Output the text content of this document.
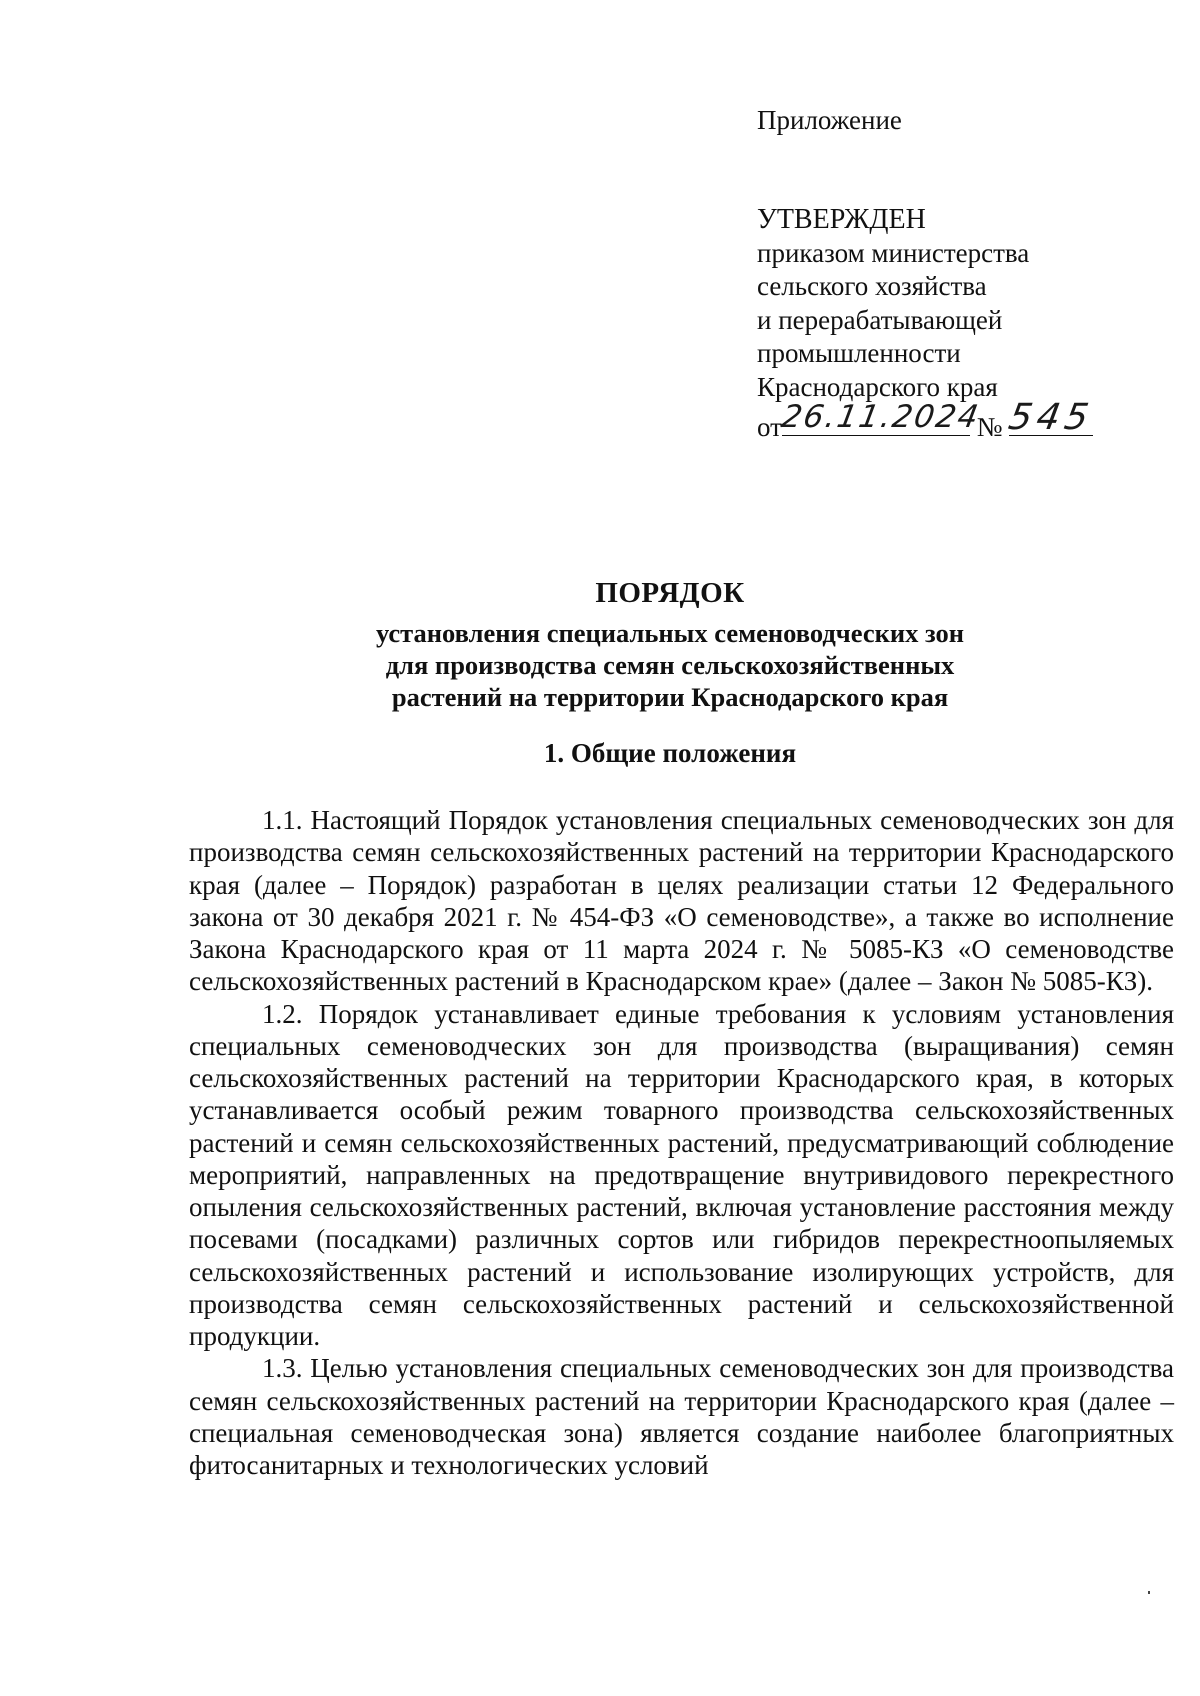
Приложение

УТВЕРЖДЕН
приказом министерства
сельского хозяйства
и перерабатывающей
промышленности
Краснодарского края
от
26.11.2024
№ 545

ПОРЯДОК

установления специальных семеноводческих зон
для производства семян сельскохозяйственных
растений на территории Краснодарского края

1. Общие положения

1.1. Настоящий Порядок установления специальных семеноводческих зон для производства семян сельскохозяйственных растений на территории Краснодарского края (далее – Порядок) разработан в целях реализации статьи 12 Федерального закона от 30 декабря 2021 г. № 454-ФЗ «О семеноводстве», а также во исполнение Закона Краснодарского края от 11 марта 2024 г. № 5085-КЗ «О семеноводстве сельскохозяйственных растений в Краснодарском крае» (далее – Закон № 5085-КЗ).

1.2. Порядок устанавливает единые требования к условиям установления специальных семеноводческих зон для производства (выращивания) семян сельскохозяйственных растений на территории Краснодарского края, в которых устанавливается особый режим товарного производства сельскохозяйственных растений и семян сельскохозяйственных растений, предусматривающий соблюдение мероприятий, направленных на предотвращение внутривидового перекрестного опыления сельскохозяйственных растений, включая установление расстояния между посевами (посадками) различных сортов или гибридов перекрестноопыляемых сельскохозяйственных растений и использование изолирующих устройств, для производства семян сельскохозяйственных растений и сельскохозяйственной продукции.

1.3. Целью установления специальных семеноводческих зон для производства семян сельскохозяйственных растений на территории Краснодарского края (далее – специальная семеноводческая зона) является создание наиболее благоприятных фитосанитарных и технологических условий
